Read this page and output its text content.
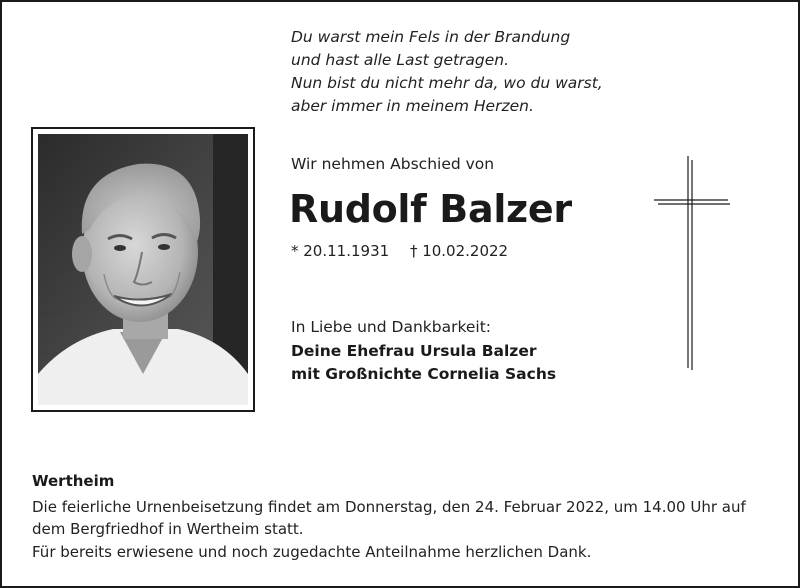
Du warst mein Fels in der Brandung
und hast alle Last getragen.
Nun bist du nicht mehr da, wo du warst,
aber immer in meinem Herzen.
Wir nehmen Abschied von
Rudolf Balzer
* 20.11.1931 † 10.02.2022
In Liebe und Dankbarkeit:
Deine Ehefrau Ursula Balzer
mit Großnichte Cornelia Sachs
Wertheim
Die feierliche Urnenbeisetzung findet am Donnerstag, den 24. Februar 2022, um 14.00 Uhr auf
dem Bergfriedhof in Wertheim statt.
Für bereits erwiesene und noch zugedachte Anteilnahme herzlichen Dank.
